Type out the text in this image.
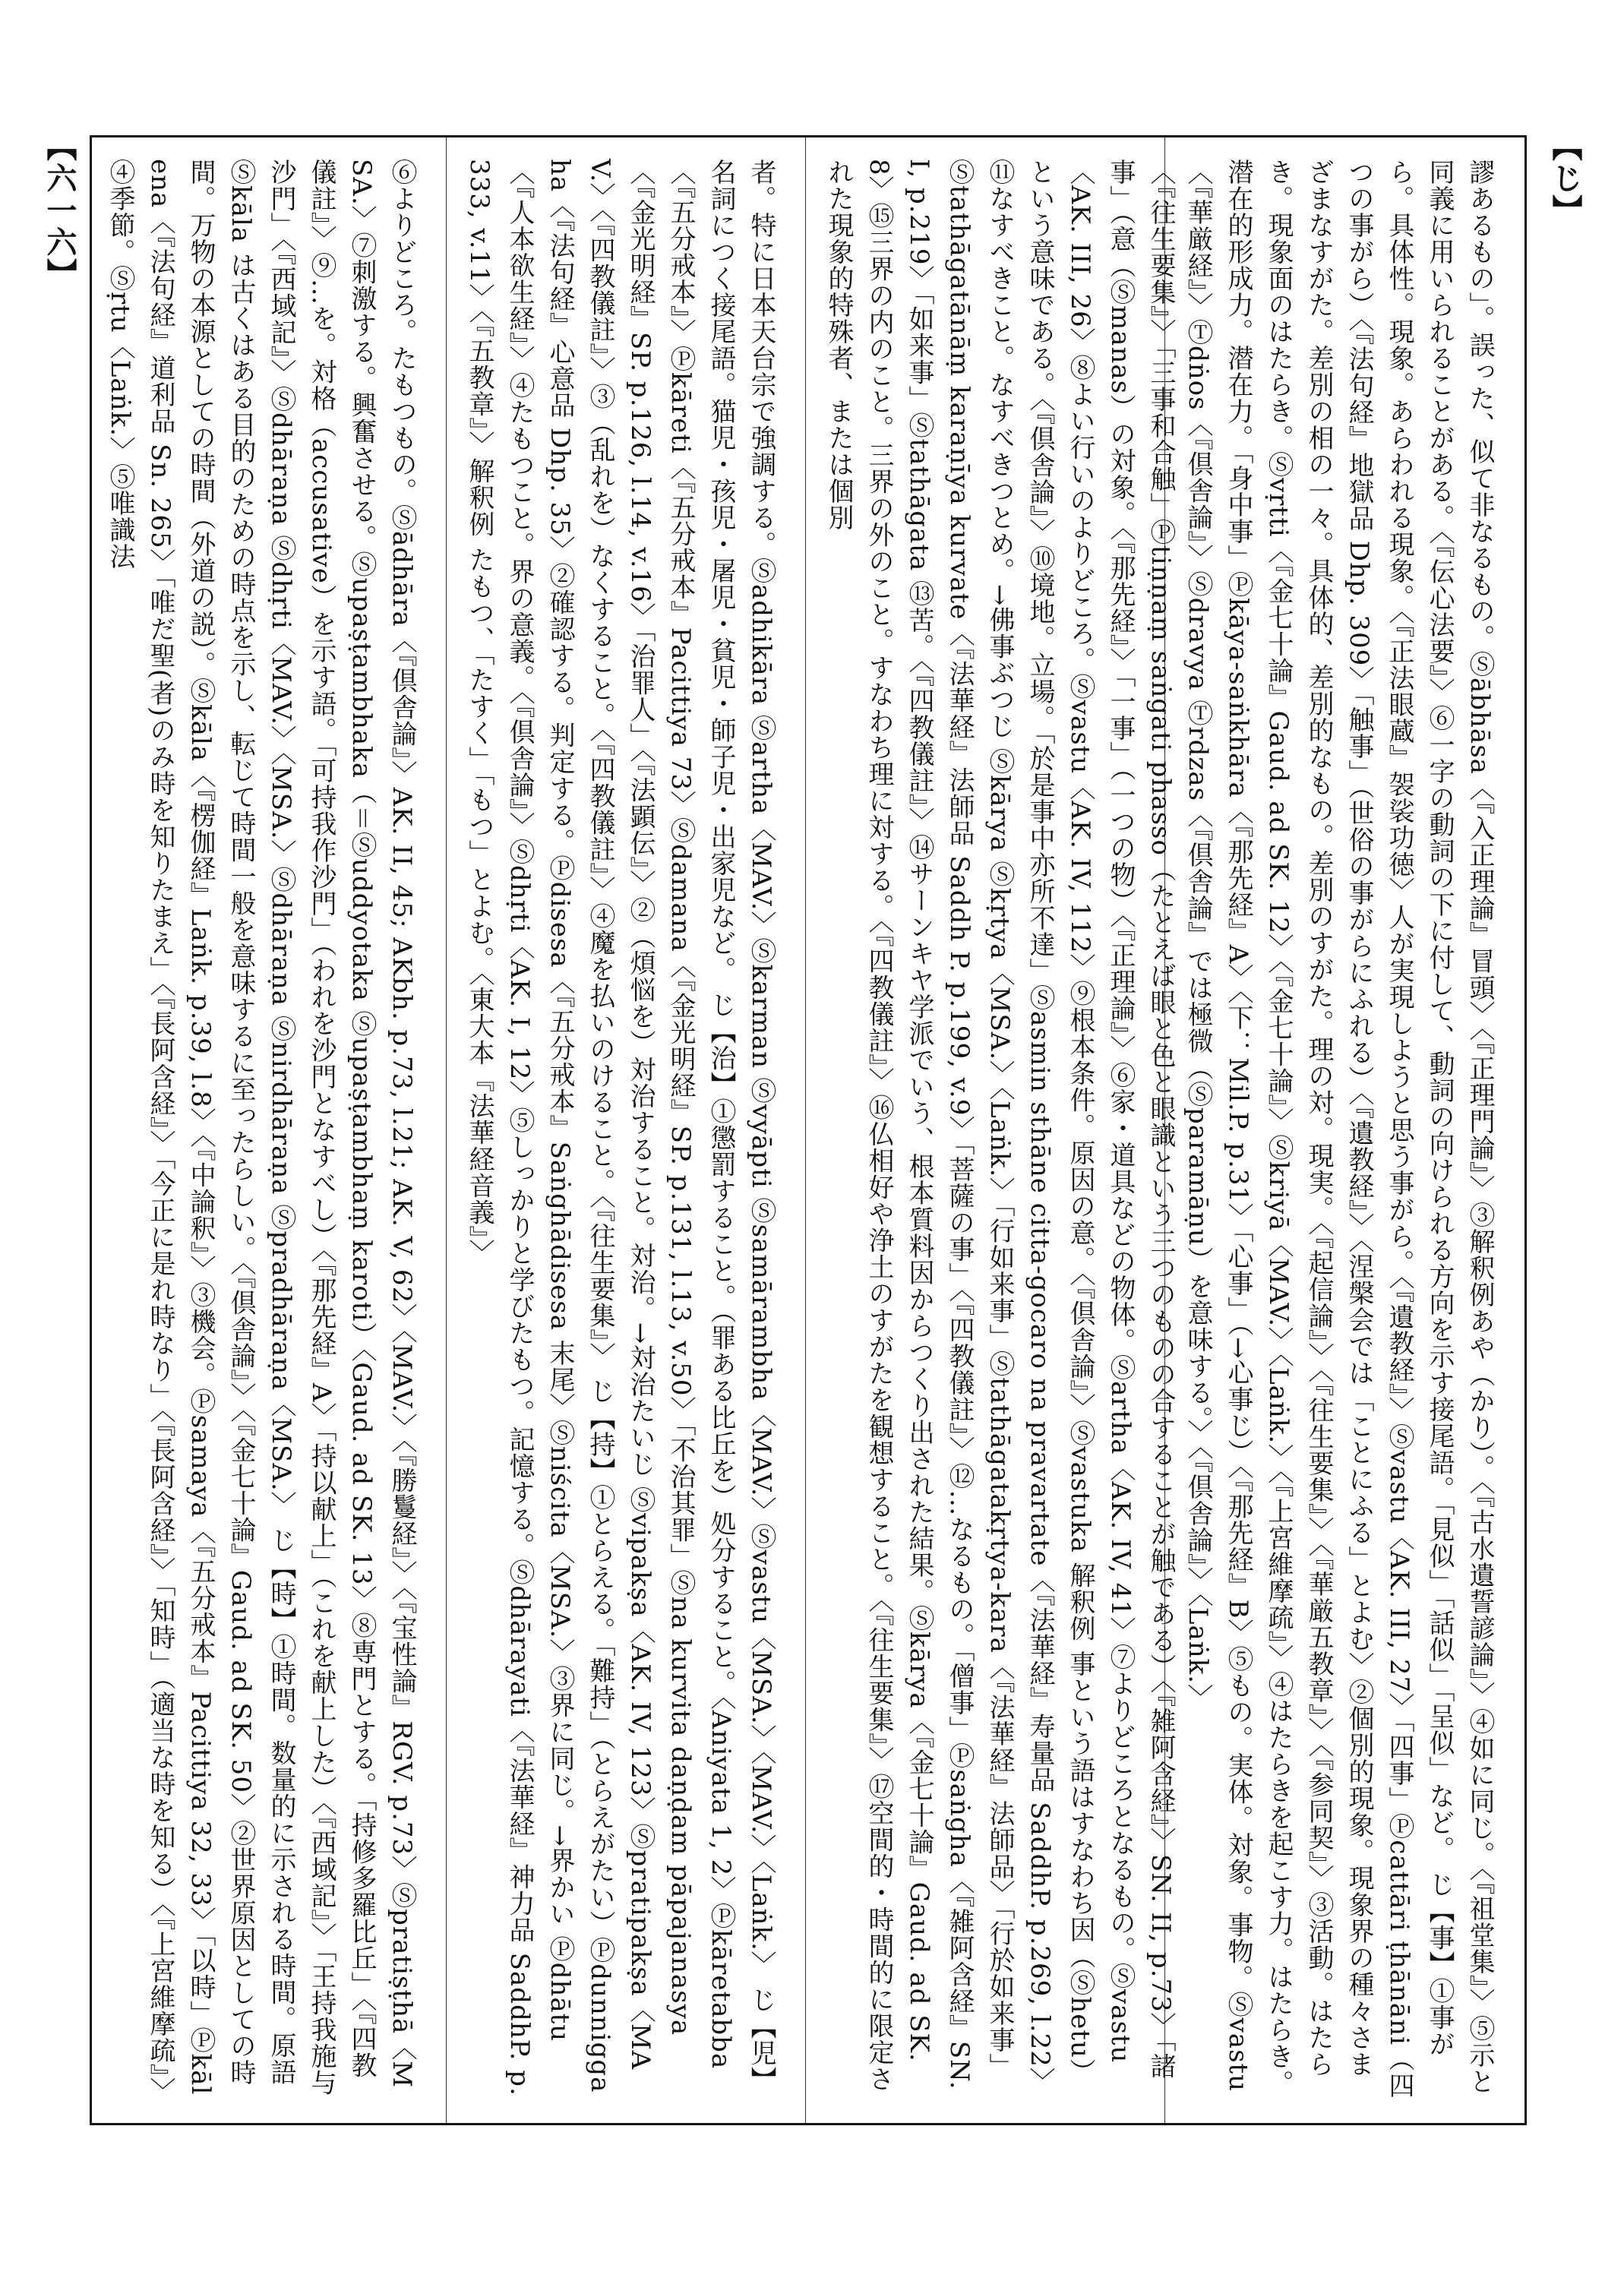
【じ】
【六一六】	謬あるもの」。誤った、似て非なるもの。Ⓢābhāsa〈『入正理論』冒頭〉〈『正理門論』〉③解釈例あや（かり）。〈『古水遺誓諺論』〉④如に同じ。〈『祖堂集』〉⑤示と同義に用いられることがある。〈『伝心法要』〉⑥一字の動詞の下に付して、動詞の向けられる方向を示す接尾語。「見似」「話似」「呈似」など。 じ【事】①事がら。具体性。現象。あらわれる現象。〈『正法眼蔵』袈裟功徳〉人が実現しようと思う事がら。〈『遺教経』〉Ⓢvastu〈AK. III, 27〉「四事」Ⓟcattāri ṭhānāni（四つの事がら）〈『法句経』地獄品 Dhp. 309〉「触事」（世俗の事がらにふれる）〈『遺教経』〉〈涅槃会では「ことにふる」とよむ〉②個別的現象。現象界の種々さまざまなすがた。差別の相の一々。具体的、差別的なもの。差別のすがた。理の対。現実。〈『起信論』〉〈『往生要集』〉〈『華厳五教章』〉〈『参同契』〉③活動。はたらき。現象面のはたらき。Ⓢvṛtti〈『金七十論』Gaud. ad SK. 12〉〈『金七十論』〉Ⓢkriyā〈MAV.〉〈Laṅk.〉〈『上宮維摩疏』〉④はたらきを起こす力。はたらき。潜在的形成力。潜在力。「身中事」Ⓟkāya-saṅkhāra〈『那先経』A〉〈下：Mil.P. p.31〉「心事」（→心事じ）〈『那先経』B〉⑤もの。実体。対象。事物。Ⓢvastu〈『華厳経』〉Ⓣdṅos〈『倶舎論』〉Ⓢdravya Ⓣrdzas〈『倶舎論』では極微（Ⓢparamāṇu）を意味する。〉〈『倶舎論』〉〈Laṅk.〉

〈『往生要集』〉「三事和合触」Ⓟtiṇṇaṃ saṅgati phasso（たとえば眼と色と眼識という三つのものの合することが触である）〈『雑阿含経』〉SN. II, p.73〉「諸事」（意（Ⓢmanas）の対象。〈『那先経』〉「一事」（一つの物）〈『正理論』〉⑥家・道具などの物体。Ⓢartha〈AK. IV, 41〉⑦よりどころとなるもの。Ⓢvastu〈AK. III, 26〉⑧よい行いのよりどころ。Ⓢvastu〈AK. IV, 112〉⑨根本条件。原因の意。〈『倶舎論』〉Ⓢvastuka 解釈例 事という語はすなわち因（Ⓢhetu）という意味である。〈『倶舎論』〉⑩境地。立場。「於是事中亦所不達」Ⓢasmin sthāne citta-gocaro na pravartate〈『法華経』寿量品 SaddhP. p.269, l.22〉⑪なすべきこと。なすべきつとめ。→佛事ぶつじ Ⓢkārya Ⓢkṛtya〈MSA.〉〈Laṅk.〉「行如来事」Ⓢtathāgatakṛtya-kara〈『法華経』法師品〉「行於如来事」Ⓢtathāgatānāṃ karaṇīya kurvate〈『法華経』法師品 Saddh P. p.199, v.9〉「菩薩の事」〈『四教儀註』〉⑫…なるもの。「僧事」Ⓟsaṅgha〈『雑阿含経』SN. I, p.219〉「如来事」Ⓢtathāgata ⑬苦。〈『四教儀註』〉⑭サーンキヤ学派でいう、根本質料因からつくり出された結果。Ⓢkārya〈『金七十論』Gaud. ad SK. 8〉⑮三界の内のこと。三界の外のこと。すなわち理に対する。〈『四教儀註』〉⑯仏相好や浄土のすがたを観想すること。〈『往生要集』〉⑰空間的・時間的に限定された現象的特殊者、または個別

者。特に日本天台宗で強調する。Ⓢadhikāra Ⓢartha〈MAV.〉Ⓢkarman Ⓢvyāpti Ⓢsamārambha〈MAV.〉Ⓢvastu〈MSA.〉〈MAV.〉〈Laṅk.〉 じ【児】名詞につく接尾語。猫児・孩児・屠児・貧児・師子児・出家児など。 じ【治】①懲罰すること。（罪ある比丘を）処分すること。〈Aniyata 1, 2〉Ⓟkāretabba〈『五分戒本』〉Ⓟkāreti〈『五分戒本』Pacittiya 73〉Ⓢdamana〈『金光明経』SP. p.131, l.13, v.50〉「不治其罪」Ⓢna kurvita daṇḍam pāpajanasya〈『金光明経』SP. p.126, l.14, v.16〉「治罪人」〈『法顕伝』〉②（煩悩を）対治すること。対治。→対治たいじ Ⓢvipakṣa〈AK. IV, 123〉Ⓢpratipakṣa〈MAV.〉〈『四教儀註』〉③（乱れを）なくすること。〈『四教儀註』〉④魔を払いのけること。〈『往生要集』〉 じ【持】①とらえる。「難持」（とらえがたい）Ⓟdunniggaha〈『法句経』心意品 Dhp. 35〉②確認する。判定する。Ⓟdisesa〈『五分戒本』Saṅghādisesa 末尾〉Ⓢniścita〈MSA.〉③界に同じ。→界かい Ⓟdhātu〈『人本欲生経』〉④たもつこと。界の意義。〈『倶舎論』〉Ⓢdhṛti〈AK. I, 12〉⑤しっかりと学びたもつ。記憶する。Ⓢdhārayati〈『法華経』神力品 SaddhP. p.333, v.11〉〈『五教章』〉解釈例 たもつ、「たすく」「もつ」とよむ。〈東大本『法華経音義』〉

⑥よりどころ。たもつもの。Ⓢādhāra〈『倶舎論』〉AK. II, 45; AKbh. p.73, l.21; AK. V, 62〉〈MAV.〉〈『勝鬘経』〉〈『宝性論』RGV. p.73〉Ⓢpratiṣṭhā〈MSA.〉⑦刺激する。興奮させる。Ⓢupaṣṭambhaka（＝Ⓢuddyotaka Ⓢupaṣṭambhaṃ karoti）〈Gaud. ad SK. 13〉⑧専門とする。「持修多羅比丘」〈『四教儀註』〉⑨…を。対格（accusative）を示す語。「可持我作沙門」（われを沙門となすべし）〈『那先経』A〉「持以献上」（これを献上した）〈『西域記』〉「王持我施与沙門」〈『西域記』〉Ⓢdhāraṇa Ⓢdhṛti〈MAV.〉〈MSA.〉Ⓢdhāraṇa Ⓢnirdhāraṇa Ⓢpradhāraṇa〈MSA.〉 じ【時】①時間。数量的に示される時間。原語 Ⓢkāla は古くはある目的のための時点を示し、転じて時間一般を意味するに至ったらしい。〈『倶舎論』〉〈『金七十論』Gaud. ad SK. 50〉②世界原因としての時間。万物の本源としての時間（外道の説）。Ⓢkāla〈『楞伽経』Laṅk. p.39, l.8〉〈『中論釈』〉③機会。Ⓟsamaya〈『五分戒本』Pacittiya 32, 33〉「以時」Ⓟkālena〈『法句経』道利品 Sn. 265〉「唯だ聖(者)のみ時を知りたまえ」〈『長阿含経』〉「今正に是れ時なり」〈『長阿含経』〉「知時」（適当な時を知る）〈『上宮維摩疏』〉④季節。Ⓢṛtu〈Laṅk.〉⑤唯識法
